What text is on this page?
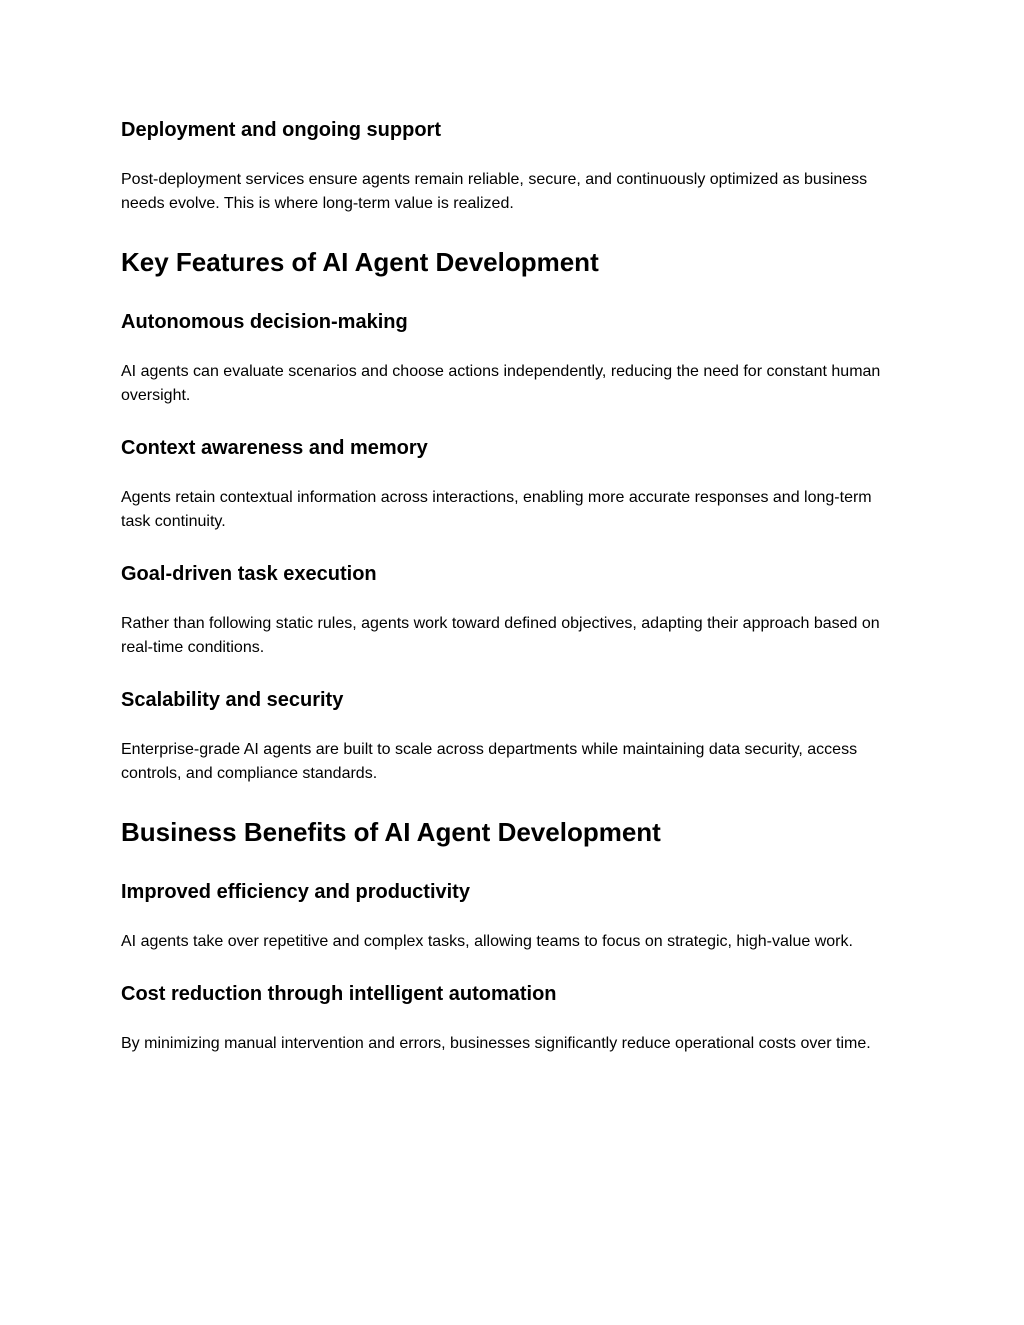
Deployment and ongoing support

Post-deployment services ensure agents remain reliable, secure, and continuously optimized as business needs evolve. This is where long-term value is realized.

Key Features of AI Agent Development
Autonomous decision-making

AI agents can evaluate scenarios and choose actions independently, reducing the need for constant human oversight.

Context awareness and memory

Agents retain contextual information across interactions, enabling more accurate responses and long-term task continuity.

Goal-driven task execution

Rather than following static rules, agents work toward defined objectives, adapting their approach based on real-time conditions.

Scalability and security

Enterprise-grade AI agents are built to scale across departments while maintaining data security, access controls, and compliance standards.

Business Benefits of AI Agent Development
Improved efficiency and productivity

AI agents take over repetitive and complex tasks, allowing teams to focus on strategic, high-value work.

Cost reduction through intelligent automation

By minimizing manual intervention and errors, businesses significantly reduce operational costs over time.
